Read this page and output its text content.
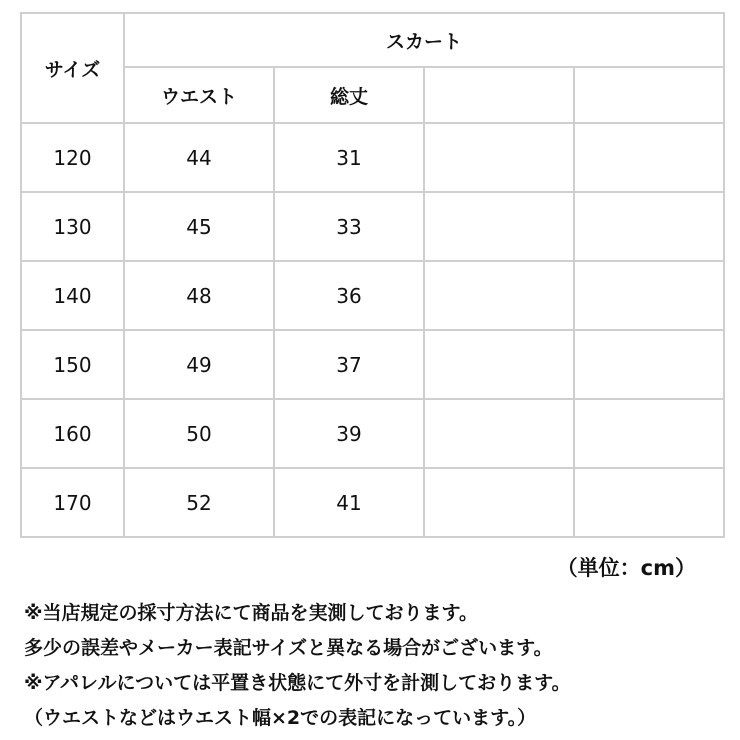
サイズ	スカート			
	ウエスト	総丈		
120	44	31		
130	45	33		
140	48	36		
150	49	37		
160	50	39		
170	52	41		
（単位：cm）
※当店規定の採寸方法にて商品を実測しております。
多少の誤差やメーカー表記サイズと異なる場合がございます。
※アパレルについては平置き状態にて外寸を計測しております。
（ウエストなどはウエスト幅×2での表記になっています。）
